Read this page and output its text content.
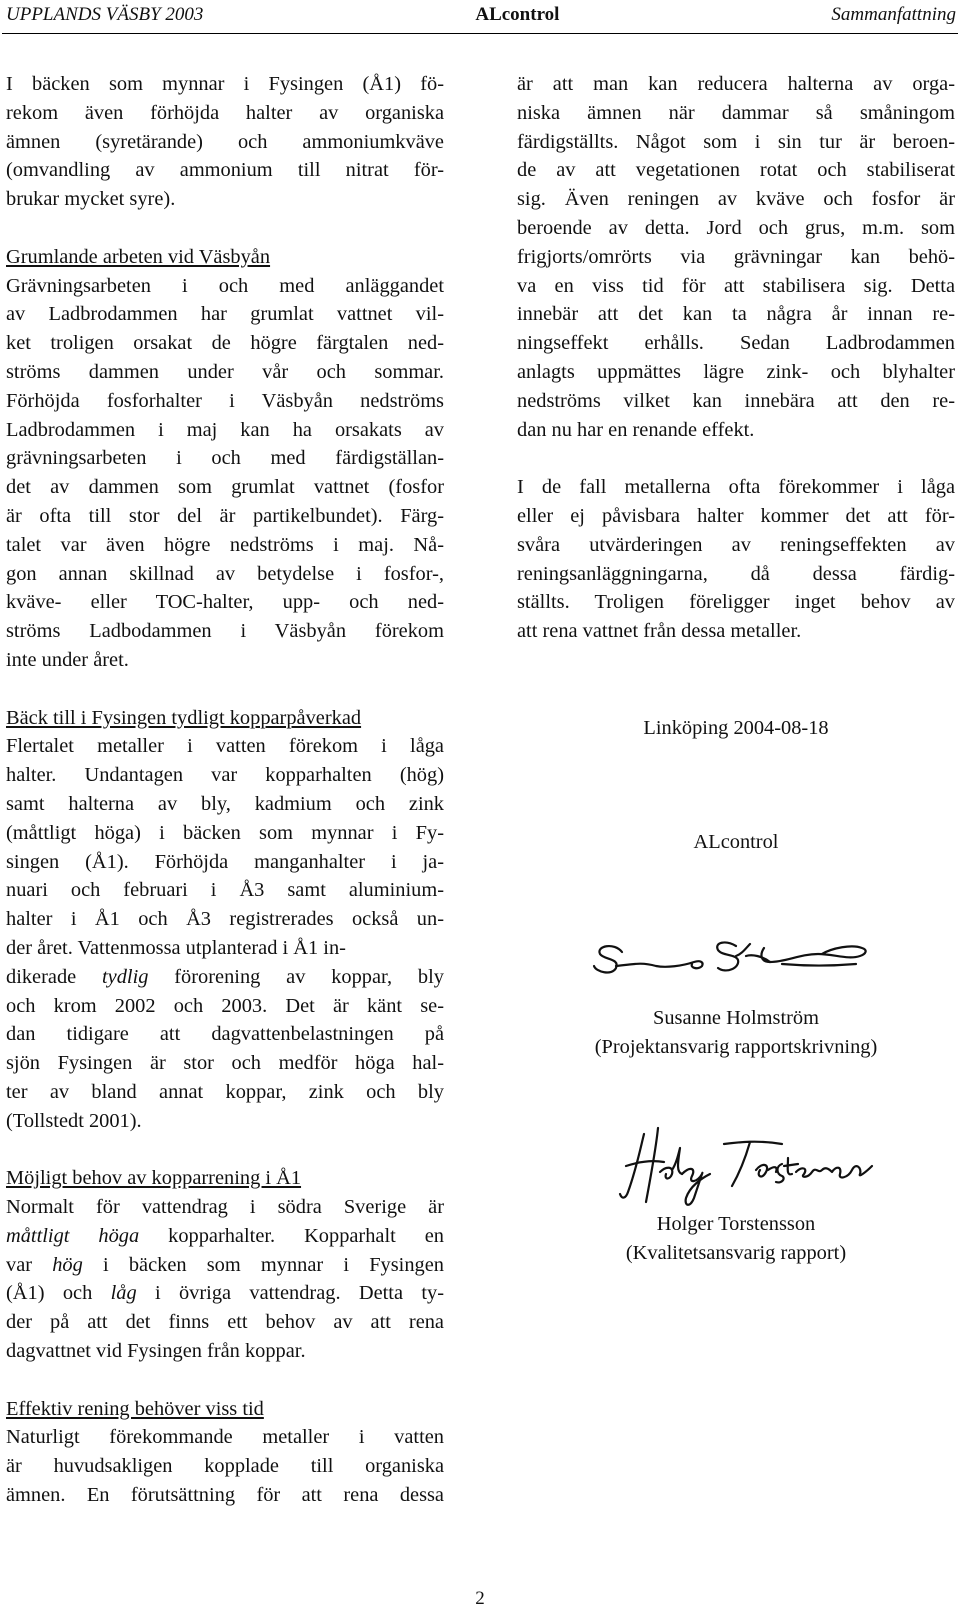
UPPLANDS VÄSBY 2003	ALcontrol	Sammanfattning
I bäcken som mynnar i Fysingen (Å1) fö-
rekom även förhöjda halter av organiska
ämnen (syretärande) och ammoniumkväve
(omvandling av ammonium till nitrat för-
brukar mycket syre).
Grumlande arbeten vid Väsbyån
Grävningsarbeten i och med anläggandet
av Ladbrodammen har grumlat vattnet vil-
ket troligen orsakat de högre färgtalen ned-
ströms dammen under vår och sommar.
Förhöjda fosforhalter i Väsbyån nedströms
Ladbrodammen i maj kan ha orsakats av
grävningsarbeten i och med färdigställan-
det av dammen som grumlat vattnet (fosfor
är ofta till stor del är partikelbundet). Färg-
talet var även högre nedströms i maj. Nå-
gon annan skillnad av betydelse i fosfor-,
kväve- eller TOC-halter, upp- och ned-
ströms Ladbodammen i Väsbyån förekom
inte under året.
Bäck till i Fysingen tydligt kopparpåverkad
Flertalet metaller i vatten förekom i låga
halter. Undantagen var kopparhalten (hög)
samt halterna av bly, kadmium och zink
(måttligt höga) i bäcken som mynnar i Fy-
singen (Å1). Förhöjda manganhalter i ja-
nuari och februari i Å3 samt aluminium-
halter i Å1 och Å3 registrerades också un-
der året. Vattenmossa utplanterad i Å1 in-
dikerade tydlig förorening av koppar, bly
och krom 2002 och 2003. Det är känt se-
dan tidigare att dagvattenbelastningen på
sjön Fysingen är stor och medför höga hal-
ter av bland annat koppar, zink och bly
(Tollstedt 2001).
Möjligt behov av kopparrening i Å1
Normalt för vattendrag i södra Sverige är
måttligt höga kopparhalter. Kopparhalt en
var hög i bäcken som mynnar i Fysingen
(Å1) och låg i övriga vattendrag. Detta ty-
der på att det finns ett behov av att rena
dagvattnet vid Fysingen från koppar.
Effektiv rening behöver viss tid
Naturligt förekommande metaller i vatten
är huvudsakligen kopplade till organiska
ämnen. En förutsättning för att rena dessa
är att man kan reducera halterna av orga-
niska ämnen när dammar så småningom
färdigställts. Något som i sin tur är beroen-
de av att vegetationen rotat och stabiliserat
sig. Även reningen av kväve och fosfor är
beroende av detta. Jord och grus, m.m. som
frigjorts/omrörts via grävningar kan behö-
va en viss tid för att stabilisera sig. Detta
innebär att det kan ta några år innan re-
ningseffekt erhålls. Sedan Ladbrodammen
anlagts uppmättes lägre zink- och blyhalter
nedströms vilket kan innebära att den re-
dan nu har en renande effekt.
I de fall metallerna ofta förekommer i låga
eller ej påvisbara halter kommer det att för-
svåra utvärderingen av reningseffekten av
reningsanläggningarna, då dessa färdig-
ställts. Troligen föreligger inget behov av
att rena vattnet från dessa metaller.
Linköping 2004-08-18
ALcontrol
Susanne Holmström
(Projektansvarig rapportskrivning)
Holger Torstensson
(Kvalitetsansvarig rapport)
2
